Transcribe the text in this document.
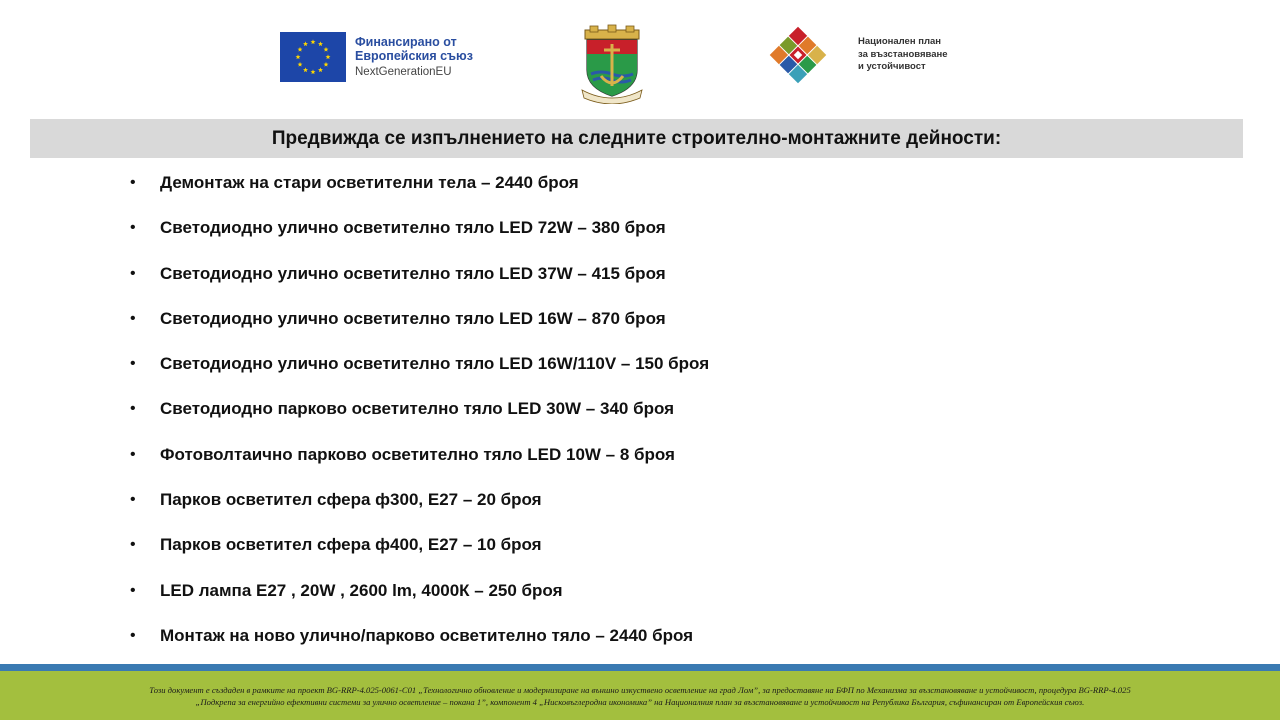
Финансирано от
Европейския съюз
NextGenerationEU
Национален план
за възстановяване
и устойчивост
Предвижда се изпълнението на следните строително-монтажните дейности:
•	Демонтаж на стари осветителни тела – 2440 броя
•	Светодиодно улично осветително тяло LED 72W – 380 броя
•	Светодиодно улично осветително тяло LED 37W – 415 броя
•	Светодиодно улично осветително тяло LED 16W – 870 броя
•	Светодиодно улично осветително тяло LED 16W/110V – 150 броя
•	Светодиодно парково осветително тяло LED 30W – 340 броя
•	Фотоволтаично парково осветително тяло LED 10W – 8 броя
•	Парков осветител сфера ф300, Е27 – 20 броя
•	Парков осветител сфера ф400, Е27 – 10 броя
•	LED лампа Е27 , 20W , 2600 lm, 4000К – 250 броя
•	Монтаж на ново улично/парково осветително тяло – 2440 броя
Този документ е създаден в рамките на проект BG-RRP-4.025-0061-C01 „Технологично обновление и модернизиране на външно изкуствено осветление на град Лом”, за предоставяне на БФП по Механизма за възстановяване и устойчивост, процедура BG-RRP-4.025
„Подкрепа за енергийно ефективни системи за улично осветление – покана 1”, компонент 4 „Нисковъглеродна икономика” на Националния план за възстановяване и устойчивост на Република България, съфинансиран от Европейския съюз.
